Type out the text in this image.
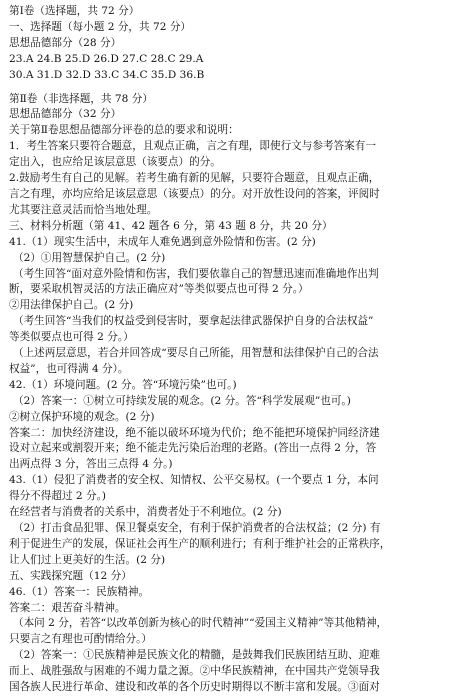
第Ⅰ卷（选择题，共 72 分）
一、选择题（每小题 2 分，共 72 分）
思想品德部分（28 分）
23.A 24.B 25.D 26.D 27.C 28.C 29.A
30.A 31.D 32.D 33.C 34.C 35.D 36.B
第Ⅱ卷（非选择题，共 78 分）
思想品德部分（32 分）
关于第Ⅱ卷思想品德部分评卷的总的要求和说明：
1．考生答案只要符合题意，且观点正确，言之有理，即使行文与参考答案有一
定出入，也应给足该层意思（该要点）的分。
2.鼓励考生有自己的见解。若考生确有新的见解，只要符合题意，且观点正确，
言之有理，亦均应给足该层意思（该要点）的分。对开放性设问的答案，评阅时
尤其要注意灵活而恰当地处理。
三、材料分析题（第 41、42 题各 6 分，第 43 题 8 分，共 20 分）
41.（1）现实生活中，未成年人难免遇到意外险情和伤害。(2 分)
（2）①用智慧保护自己。(2 分)
（考生回答“面对意外险情和伤害，我们要依靠自己的智慧迅速而准确地作出判
断，要采取机智灵活的方法正确应对”等类似要点也可得 2 分。）
②用法律保护自己。(2 分)
（考生回答“当我们的权益受到侵害时，要拿起法律武器保护自身的合法权益”
等类似要点也可得 2 分。）
（上述两层意思，若合并回答成“要尽自己所能，用智慧和法律保护自己的合法
权益”，也可得满 4 分）。
42.（1）环境问题。(2 分。答“环境污染”也可。)
（2）答案一：①树立可持续发展的观念。(2 分。答“科学发展观”也可。)
②树立保护环境的观念。(2 分)
答案二：加快经济建设，绝不能以破坏环境为代价；绝不能把环境保护同经济建
设对立起来或割裂开来；绝不能走先污染后治理的老路。(答出一点得 2 分，答
出两点得 3 分，答出三点得 4 分。)
43.（1）侵犯了消费者的安全权、知情权、公平交易权。(一个要点 1 分，本问
得分不得超过 2 分。)
在经营者与消费者的关系中，消费者处于不利地位。(2 分)
（2）打击食品犯罪、保卫餐桌安全，有利于保护消费者的合法权益；(2 分) 有
利于促进生产的发展，保证社会再生产的顺利进行；有利于维护社会的正常秩序，
让人们过上更美好的生活。(2 分)
五、实践探究题（12 分）
46.（1）答案一：民族精神。
答案二：艰苦奋斗精神。
（本问 2 分，若答“以改革创新为核心的时代精神”“爱国主义精神”等其他精神，
只要言之有理也可酌情给分。）
（2）答案一：①民族精神是民族文化的精髓，是鼓舞我们民族团结互助、迎难
而上、战胜强敌与困难的不竭力量之源。②中华民族精神，在中国共产党领导我
国各族人民进行革命、建设和改革的各个历史时期得以不断丰富和发展。③面对
